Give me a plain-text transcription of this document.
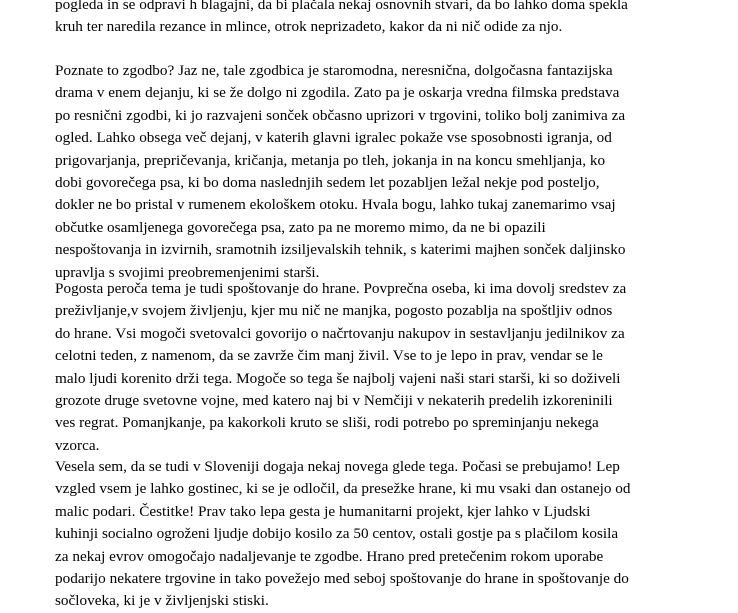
pogleda in se odpravi h blagajni, da bi plačala nekaj osnovnih stvari, da bo lahko doma spekla
kruh ter naredila rezance in mlince, otrok neprizadeto, kakor da ni nič odide za njo.
Poznate to zgodbo? Jaz ne, tale zgodbica je staromodna, neresnična, dolgočasna fantazijska
drama v enem dejanju, ki se že dolgo ni zgodila. Zato pa je oskarja vredna filmska predstava
po resnični zgodbi, ki jo razvajeni sonček občasno uprizori v trgovini, toliko bolj zanimiva za
ogled. Lahko obsega več dejanj, v katerih glavni igralec pokaže vse sposobnosti igranja, od
prigovarjanja, prepričevanja, kričanja, metanja po tleh, jokanja in na koncu smehljanja, ko
dobi govorečega psa, ki bo doma naslednjih sedem let pozabljen ležal nekje pod posteljo,
dokler ne bo pristal v rumenem ekološkem otoku. Hvala bogu, lahko tukaj zanemarimo vsaj
občutke osamljenega govorečega psa, zato pa ne moremo mimo, da ne bi opazili
nespoštovanja in izvirnih, sramotnih izsiljevalskih tehnik, s katerimi majhen sonček daljinsko
upravlja s svojimi preobremenjenimi starši.
Pogosta peroča tema je tudi spoštovanje do hrane. Povprečna oseba, ki ima dovolj sredstev za
preživljanje,v svojem življenju, kjer mu nič ne manjka, pogosto pozablja na spoštljiv odnos
do hrane. Vsi mogoči svetovalci govorijo o načrtovanju nakupov in sestavljanju jedilnikov za
celotni teden, z namenom, da se zavrže čim manj živil. Vse to je lepo in prav, vendar se le
malo ljudi korenito drži tega. Mogoče so tega še najbolj vajeni naši stari starši, ki so doživeli
grozote druge svetovne vojne, med katero naj bi v Nemčiji v nekaterih predelih izkoreninili
ves regrat. Pomanjkanje, pa kakorkoli kruto se sliši, rodi potrebo po spreminjanju nekega
vzorca.
Vesela sem, da se tudi v Sloveniji dogaja nekaj novega glede tega. Počasi se prebujamo! Lep
vzgled vsem je lahko gostinec, ki se je odločil, da presežke hrane, ki mu vsaki dan ostanejo od
malic podari. Čestitke! Prav tako lepa gesta je humanitarni projekt, kjer lahko v Ljudski
kuhinji socialno ogroženi ljudje dobijo kosilo za 50 centov, ostali gostje pa s plačilom kosila
za nekaj evrov omogočajo nadaljevanje te zgodbe. Hrano pred pretečenim rokom uporabe
podarijo nekatere trgovine in tako povežejo med seboj spoštovanje do hrane in spoštovanje do
sočloveka, ki je v življenjski stiski.
